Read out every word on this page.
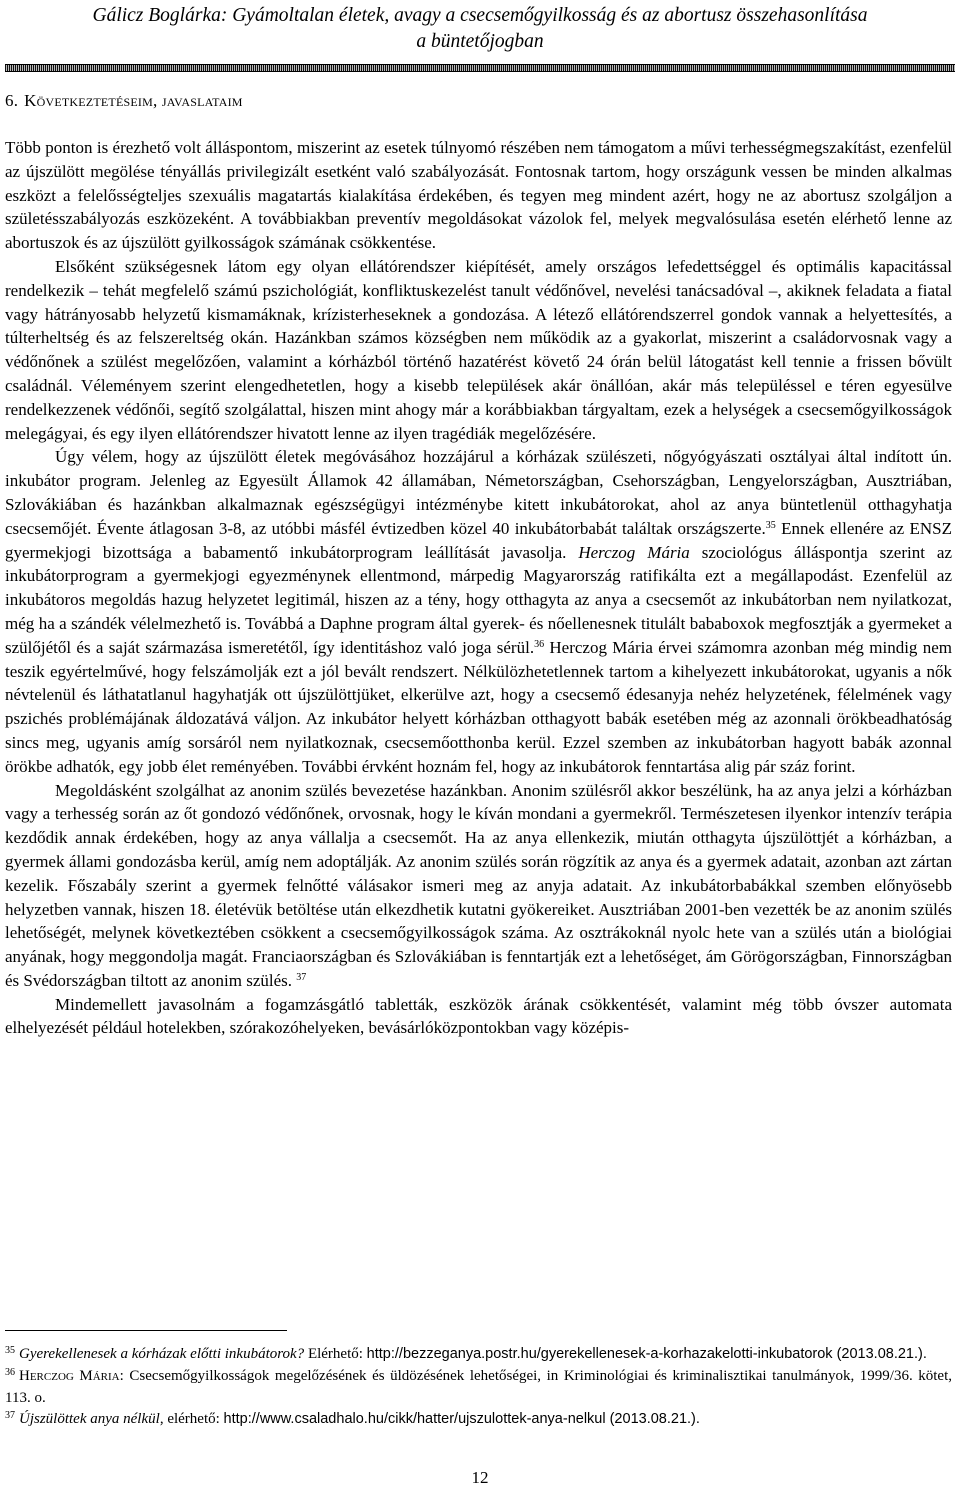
Gálicz Boglárka: Gyámoltalan életek, avagy a csecsemőgyilkosság és az abortusz összehasonlítása
a büntetőjogban
6. Következtetéseim, javaslataim

Több ponton is érezhető volt álláspontom, miszerint az esetek túlnyomó részében nem támogatom a művi terhességmegszakítást, ezenfelül az újszülött megölése tényállás privilegizált esetként való szabályozását. Fontosnak tartom, hogy országunk vessen be minden alkalmas eszközt a felelősségteljes szexuális magatartás kialakítása érdekében, és tegyen meg mindent azért, hogy ne az abortusz szolgáljon a születésszabályozás eszközeként. A továbbiakban preventív megoldásokat vázolok fel, melyek megvalósulása esetén elérhető lenne az abortuszok és az újszülött gyilkosságok számának csökkentése.

Elsőként szükségesnek látom egy olyan ellátórendszer kiépítését, amely országos lefedettséggel és optimális kapacitással rendelkezik – tehát megfelelő számú pszichológiát, konfliktuskezelést tanult védőnővel, nevelési tanácsadóval –, akiknek feladata a fiatal vagy hátrányosabb helyzetű kismamáknak, krízisterheseknek a gondozása. A létező ellátórendszerrel gondok vannak a helyettesítés, a túlterheltség és az felszereltség okán. Hazánkban számos községben nem működik az a gyakorlat, miszerint a családorvosnak vagy a védőnőnek a szülést megelőzően, valamint a kórházból történő hazatérést követő 24 órán belül látogatást kell tennie a frissen bővült családnál. Véleményem szerint elengedhetetlen, hogy a kisebb települések akár önállóan, akár más településsel e téren egyesülve rendelkezzenek védőnői, segítő szolgálattal, hiszen mint ahogy már a korábbiakban tárgyaltam, ezek a helységek a csecsemőgyilkosságok melegágyai, és egy ilyen ellátórendszer hivatott lenne az ilyen tragédiák megelőzésére.

Úgy vélem, hogy az újszülött életek megóvásához hozzájárul a kórházak szülészeti, nőgyógyászati osztályai által indított ún. inkubátor program. Jelenleg az Egyesült Államok 42 államában, Németországban, Csehországban, Lengyelországban, Ausztriában, Szlovákiában és hazánkban alkalmaznak egészségügyi intézménybe kitett inkubátorokat, ahol az anya büntetlenül otthagyhatja csecsemőjét. Évente átlagosan 3-8, az utóbbi másfél évtizedben közel 40 inkubátorbabát találtak országszerte.$^{35}$ Ennek ellenére az ENSZ gyermekjogi bizottsága a babamentő inkubátorprogram leállítását javasolja. Herczog Mária szociológus álláspontja szerint az inkubátorprogram a gyermekjogi egyezménynek ellentmond, márpedig Magyarország ratifikálta ezt a megállapodást. Ezenfelül az inkubátoros megoldás hazug helyzetet legitimál, hiszen az a tény, hogy otthagyta az anya a csecsemőt az inkubátorban nem nyilatkozat, még ha a szándék vélelmezhető is. Továbbá a Daphne program által gyerek- és nőellenesnek titulált bababoxok megfosztják a gyermeket a szülőjétől és a saját származása ismeretétől, így identitáshoz való joga sérül.$^{36}$ Herczog Mária érvei számomra azonban még mindig nem teszik egyértelművé, hogy felszámolják ezt a jól bevált rendszert. Nélkülözhetetlennek tartom a kihelyezett inkubátorokat, ugyanis a nők névtelenül és láthatatlanul hagyhatják ott újszülöttjüket, elkerülve azt, hogy a csecsemő édesanyja nehéz helyzetének, félelmének vagy pszichés problémájának áldozatává váljon. Az inkubátor helyett kórházban otthagyott babák esetében még az azonnali örökbeadhatóság sincs meg, ugyanis amíg sorsáról nem nyilatkoznak, csecsemőotthonba kerül. Ezzel szemben az inkubátorban hagyott babák azonnal örökbe adhatók, egy jobb élet reményében. További érvként hoznám fel, hogy az inkubátorok fenntartása alig pár száz forint.

Megoldásként szolgálhat az anonim szülés bevezetése hazánkban. Anonim szülésről akkor beszélünk, ha az anya jelzi a kórházban vagy a terhesség során az őt gondozó védőnőnek, orvosnak, hogy le kíván mondani a gyermekről. Természetesen ilyenkor intenzív terápia kezdődik annak érdekében, hogy az anya vállalja a csecsemőt. Ha az anya ellenkezik, miután otthagyta újszülöttjét a kórházban, a gyermek állami gondozásba kerül, amíg nem adoptálják. Az anonim szülés során rögzítik az anya és a gyermek adatait, azonban azt zártan kezelik. Főszabály szerint a gyermek felnőtté válásakor ismeri meg az anyja adatait. Az inkubátorbabákkal szemben előnyösebb helyzetben vannak, hiszen 18. életévük betöltése után elkezdhetik kutatni gyökereiket. Ausztriában 2001-ben vezették be az anonim szülés lehetőségét, melynek következtében csökkent a csecsemőgyilkosságok száma. Az osztrákoknál nyolc hete van a szülés után a biológiai anyának, hogy meggondolja magát. Franciaországban és Szlovákiában is fenntartják ezt a lehetőséget, ám Görögországban, Finnországban és Svédországban tiltott az anonim szülés. $^{37}$

Mindemellett javasolnám a fogamzásgátló tabletták, eszközök árának csökkentését, valamint még több óvszer automata elhelyezését például hotelekben, szórakozóhelyeken, bevásárlóközpontokban vagy középis-

$^{35}$ Gyerekellenesek a kórházak előtti inkubátorok? Elérhető: http://bezzeganya.postr.hu/gyerekellenesek-a-korhazakelotti-inkubatorok (2013.08.21.).

$^{36}$ Herczog Mária: Csecsemőgyilkosságok megelőzésének és üldözésének lehetőségei, in Kriminológiai és kriminalisztikai tanulmányok, 1999/36. kötet, 113. o.

$^{37}$ Újszülöttek anya nélkül, elérhető: http://www.csaladhalo.hu/cikk/hatter/ujszulottek-anya-nelkul (2013.08.21.).

12
